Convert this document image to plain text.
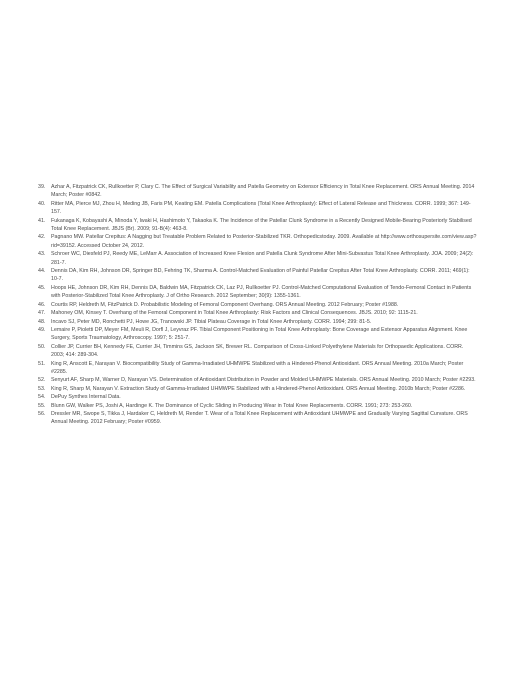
39.	Azhar A, Fitzpatrick CK, Rullkoetter P, Clary C. The Effect of Surgical Variability and Patella Geometry on Extensor Efficiency in Total Knee Replacement. ORS Annual Meeting. 2014 March; Poster #0842.
40.	Ritter MA, Pierce MJ, Zhou H, Meding JB, Faris PM, Keating EM. Patella Complications (Total Knee Arthroplasty): Effect of Lateral Release and Thickness. CORR. 1999; 367: 149-157.
41.	Fukanaga K, Kobayashi A, Minoda Y, Iwaki H, Hashimoto Y, Takaoka K. The Incidence of the Patellar Clunk Syndrome in a Recently Designed Mobile-Bearing Posteriorly Stabilised Total Knee Replacement. JBJS (Br). 2009; 91-B(4): 463-8.
42.	Pagnano MW. Patellar Crepitus: A Nagging but Treatable Problem Related to Posterior-Stabilized TKR. Orthopedicstoday. 2009. Available at http://www.orthosupersite.com/view.asp?rid=39152. Accessed October 24, 2012.
43.	Schroer WC, Diesfeld PJ, Reedy ME, LeMarr A. Association of Increased Knee Flexion and Patella Clunk Syndrome After Mini-Subvastus Total Knee Arthroplasty. JOA. 2009; 24(2): 281-7.
44.	Dennis DA, Kim RH, Johnson DR, Springer BD, Fehring TK, Sharma A. Control-Matched Evaluation of Painful Patellar Crepitus After Total Knee Arthroplasty. CORR. 2011; 469(1): 10-7.
45.	Hoops HE, Johnson DR, Kim RH, Dennis DA, Baldwin MA, Fitzpatrick CK, Laz PJ, Rullkoetter PJ. Control-Matched Computational Evaluation of Tendo-Femoral Contact in Patients with Posterior-Stabilized Total Knee Arthroplasty. J of Ortho Research. 2012 September; 30(9): 1355-1361.
46.	Courtis RP, Heldreth M, FitzPatrick D. Probabilistic Modeling of Femoral Component Overhang. ORS Annual Meeting. 2012 February; Poster #1988.
47.	Mahoney OM, Kinsey T. Overhang of the Femoral Component in Total Knee Arthroplasty: Risk Factors and Clinical Consequences. JBJS. 2010; 92: 1115-21.
48.	Incavo SJ, Peter MD, Ronchetti PJ, Howe JG, Tranowski JP. Tibial Plateau Coverage in Total Knee Arthroplasty. CORR. 1994; 299: 81-5.
49.	Lemaire P, Pioletti DP, Meyer FM, Meuli R, Dorfl J, Leyvraz PF. Tibial Component Positioning in Total Knee Arthroplasty: Bone Coverage and Extensor Apparatus Alignment. Knee Surgery, Sports Traumatology, Arthroscopy. 1997; 5: 251-7.
50.	Collier JP, Currier BH, Kennedy FE, Currier JH, Timmins GS, Jackson SK, Brewer RL. Comparison of Cross-Linked Polyethylene Materials for Orthopaedic Applications. CORR. 2003; 414: 289-304.
51.	King R, Anscott E, Narayan V. Biocompatibility Study of Gamma-Irradiated UHMWPE Stabilized with a Hindered-Phenol Antioxidant. ORS Annual Meeting. 2010a March; Poster #2285.
52.	Senyurt AF, Sharp M, Warner D, Narayan VS. Determination of Antioxidant Distribution in Powder and Molded UHMWPE Materials. ORS Annual Meeting. 2010 March; Poster #2293.
53.	King R, Sharp M, Narayan V. Extraction Study of Gamma-Irradiated UHMWPE Stabilized with a Hindered-Phenol Antioxidant. ORS Annual Meeting. 2010b March; Poster #2286.
54.	DePuy Synthes Internal Data.
55.	Blunn GW, Walker PS, Joshi A, Hardinge K. The Dominance of Cyclic Sliding in Producing Wear in Total Knee Replacements. CORR. 1991; 273: 253-260.
56.	Dressler MR, Swope S, Tikka J, Hardaker C, Heldreth M, Render T. Wear of a Total Knee Replacement with Antioxidant UHMWPE and Gradually Varying Sagittal Curvature. ORS Annual Meeting. 2012 February; Poster #0959.
